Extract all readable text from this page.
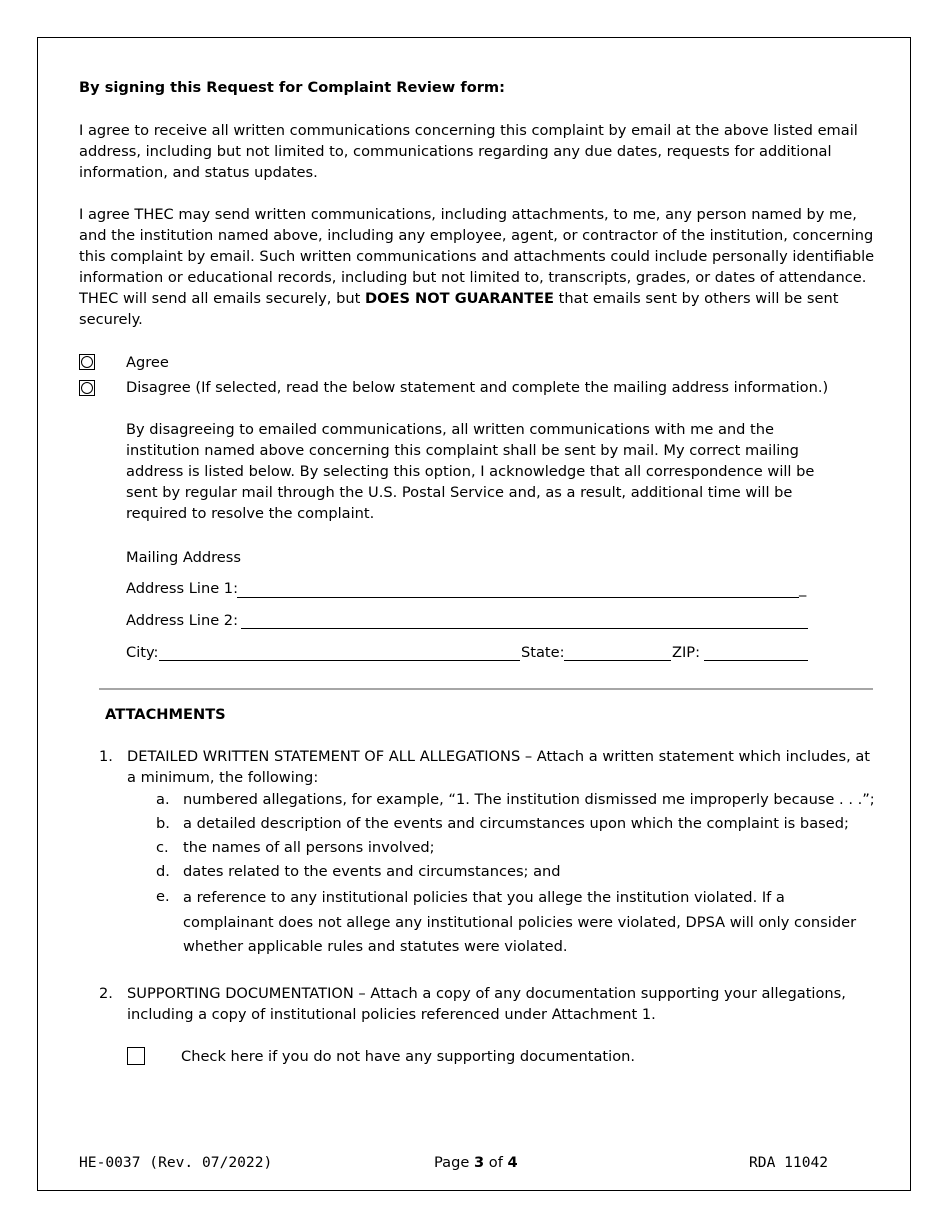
By signing this Request for Complaint Review form:

I agree to receive all written communications concerning this complaint by email at the above listed email address, including but not limited to, communications regarding any due dates, requests for additional information, and status updates.

I agree THEC may send written communications, including attachments, to me, any person named by me, and the institution named above, including any employee, agent, or contractor of the institution, concerning this complaint by email. Such written communications and attachments could include personally identifiable information or educational records, including but not limited to, transcripts, grades, or dates of attendance. THEC will send all emails securely, but DOES NOT GUARANTEE that emails sent by others will be sent securely.

Agree
Disagree (If selected, read the below statement and complete the mailing address information.)

By disagreeing to emailed communications, all written communications with me and the institution named above concerning this complaint shall be sent by mail. My correct mailing address is listed below. By selecting this option, I acknowledge that all correspondence will be sent by regular mail through the U.S. Postal Service and, as a result, additional time will be required to resolve the complaint.

Mailing Address
Address Line 1:	_
Address Line 2:
City:	State:	ZIP:
ATTACHMENTS
1. DETAILED WRITTEN STATEMENT OF ALL ALLEGATIONS – Attach a written statement which includes, at a minimum, the following:

a. numbered allegations, for example, “1. The institution dismissed me improperly because . . .”;
b. a detailed description of the events and circumstances upon which the complaint is based;
c. the names of all persons involved;
d. dates related to the events and circumstances; and
e. a reference to any institutional policies that you allege the institution violated. If a complainant does not allege any institutional policies were violated, DPSA will only consider whether applicable rules and statutes were violated.

2. SUPPORTING DOCUMENTATION – Attach a copy of any documentation supporting your allegations, including a copy of institutional policies referenced under Attachment 1.

Check here if you do not have any supporting documentation.
HE-0037 (Rev. 07/2022)	Page 3 of 4	RDA 11042
